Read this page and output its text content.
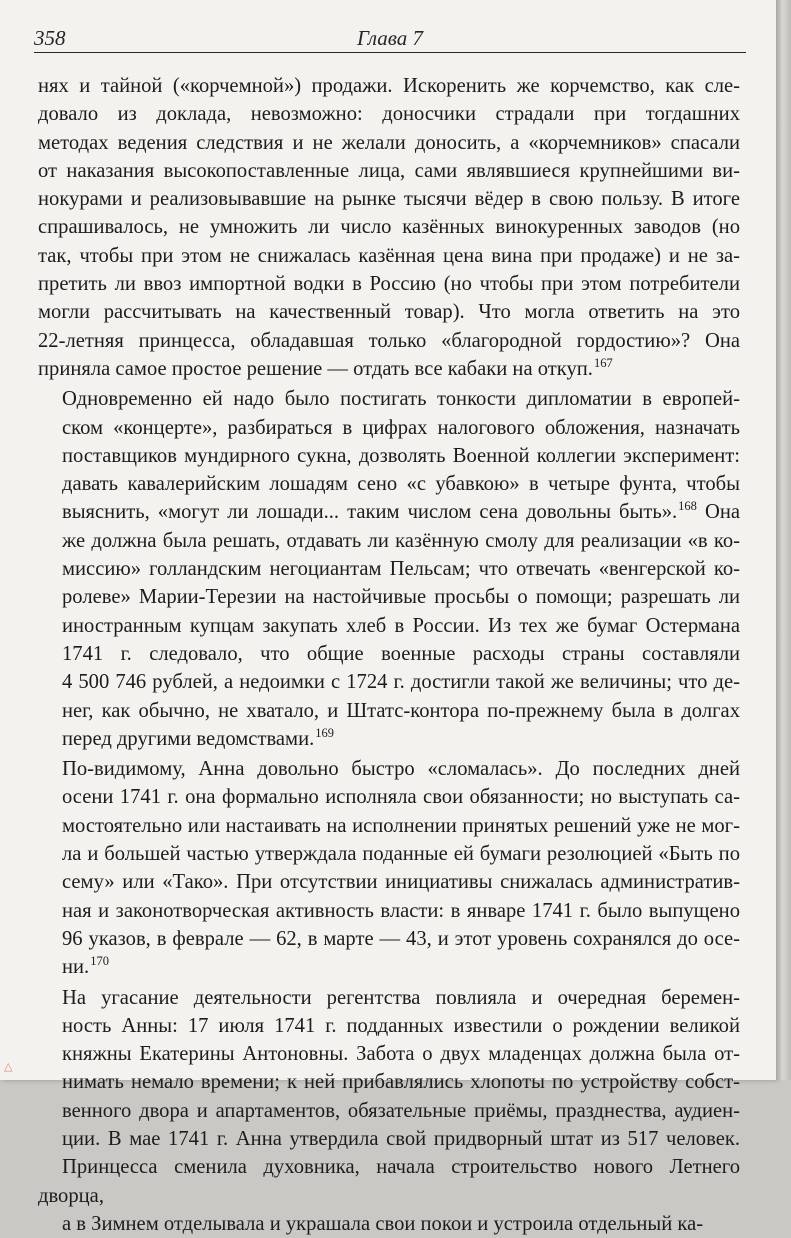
358	Глава 7
нях и тайной («корчемной») продажи. Искоренить же корчемство, как сле-
довало из доклада, невозможно: доносчики страдали при тогдашних
методах ведения следствия и не желали доносить, а «корчемников» спасали
от наказания высокопоставленные лица, сами являвшиеся крупнейшими ви-
нокурами и реализовывавшие на рынке тысячи вёдер в свою пользу. В итоге
спрашивалось, не умножить ли число казённых винокуренных заводов (но
так, чтобы при этом не снижалась казённая цена вина при продаже) и не за-
претить ли ввоз импортной водки в Россию (но чтобы при этом потребители
могли рассчитывать на качественный товар). Что могла ответить на это
22-летняя принцесса, обладавшая только «благородной гордостию»? Она
приняла самое простое решение — отдать все кабаки на откуп.$^{167}$
Одновременно ей надо было постигать тонкости дипломатии в европей-
ском «концерте», разбираться в цифрах налогового обложения, назначать
поставщиков мундирного сукна, дозволять Военной коллегии эксперимент:
давать кавалерийским лошадям сено «с убавкою» в четыре фунта, чтобы
выяснить, «могут ли лошади... таким числом сена довольны быть».$^{168}$ Она
же должна была решать, отдавать ли казённую смолу для реализации «в ко-
миссию» голландским негоциантам Пельсам; что отвечать «венгерской ко-
ролеве» Марии-Терезии на настойчивые просьбы о помощи; разрешать ли
иностранным купцам закупать хлеб в России. Из тех же бумаг Остермана
1741 г. следовало, что общие военные расходы страны составляли
4 500 746 рублей, а недоимки с 1724 г. достигли такой же величины; что де-
нег, как обычно, не хватало, и Штатс-контора по-прежнему была в долгах
перед другими ведомствами.$^{169}$
По-видимому, Анна довольно быстро «сломалась». До последних дней
осени 1741 г. она формально исполняла свои обязанности; но выступать са-
мостоятельно или настаивать на исполнении принятых решений уже не мог-
ла и большей частью утверждала поданные ей бумаги резолюцией «Быть по
сему» или «Тако». При отсутствии инициативы снижалась административ-
ная и законотворческая активность власти: в январе 1741 г. было выпущено
96 указов, в феврале — 62, в марте — 43, и этот уровень сохранялся до осе-
ни.$^{170}$
На угасание деятельности регентства повлияла и очередная беремен-
ность Анны: 17 июля 1741 г. подданных известили о рождении великой
княжны Екатерины Антоновны. Забота о двух младенцах должна была от-
нимать немало времени; к ней прибавлялись хлопоты по устройству собст-
венного двора и апартаментов, обязательные приёмы, празднества, аудиен-
ции. В мае 1741 г. Анна утвердила свой придворный штат из 517 человек.
Принцесса сменила духовника, начала строительство нового Летнего дворца,
а в Зимнем отделывала и украшала свои покои и устроила отдельный ка-
△
